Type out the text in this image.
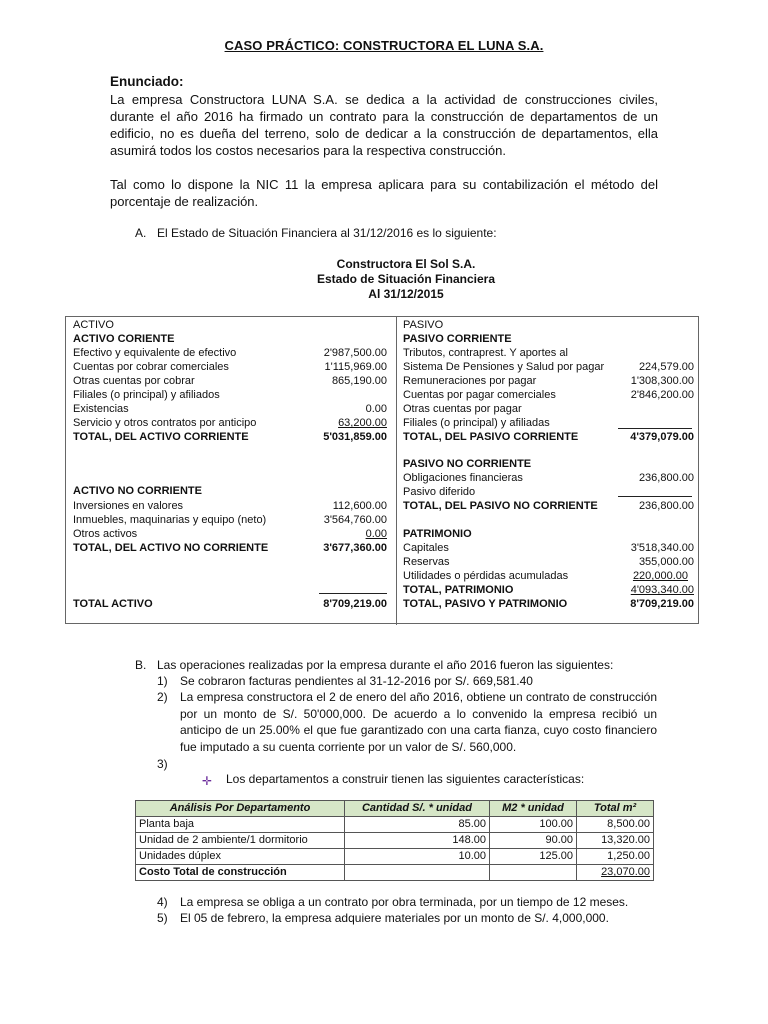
CASO PRÁCTICO: CONSTRUCTORA EL LUNA S.A.
Enunciado:
La empresa Constructora LUNA S.A. se dedica a la actividad de construcciones civiles, durante el año 2016 ha firmado un contrato para la construcción de departamentos de un edificio, no es dueña del terreno, solo de dedicar a la construcción de departamentos, ella asumirá todos los costos necesarios para la respectiva construcción.
Tal como lo dispone la NIC 11 la empresa aplicara para su contabilización el método del porcentaje de realización.
A. El Estado de Situación Financiera al 31/12/2016 es lo siguiente:
Constructora El Sol S.A.
Estado de Situación Financiera
Al 31/12/2015
ACTIVO
ACTIVO CORIENTE
Efectivo y equivalente de efectivo	2'987,500.00
Cuentas por cobrar comerciales	1'115,969.00
Otras cuentas por cobrar	865,190.00
Filiales (o principal) y afiliados
Existencias	0.00
Servicio y otros contratos por anticipo	63,200.00
TOTAL, DEL ACTIVO CORRIENTE	5'031,859.00
ACTIVO NO CORRIENTE
Inversiones en valores	112,600.00
Inmuebles, maquinarias y equipo (neto)	3'564,760.00
Otros activos	0.00
TOTAL, DEL ACTIVO NO CORRIENTE	3'677,360.00
TOTAL ACTIVO	8'709,219.00
PASIVO
PASIVO CORRIENTE
Tributos, contraprest. Y aportes al
Sistema De Pensiones y Salud por pagar	224,579.00
Remuneraciones por pagar	1'308,300.00
Cuentas por pagar comerciales	2'846,200.00
Otras cuentas por pagar
Filiales (o principal) y afiliadas
TOTAL, DEL PASIVO CORRIENTE	4'379,079.00
PASIVO NO CORRIENTE
Obligaciones financieras	236,800.00
Pasivo diferido
TOTAL, DEL PASIVO NO CORRIENTE	236,800.00
PATRIMONIO
Capitales	3'518,340.00
Reservas	355,000.00
Utilidades o pérdidas acumuladas	220,000.00
TOTAL, PATRIMONIO	4'093,340.00
TOTAL, PASIVO Y PATRIMONIO	8'709,219.00
B. Las operaciones realizadas por la empresa durante el año 2016 fueron las siguientes:
1) Se cobraron facturas pendientes al 31-12-2016 por S/. 669,581.40
2) La empresa constructora el 2 de enero del año 2016, obtiene un contrato de construcción por un monto de S/. 50'000,000. De acuerdo a lo convenido la empresa recibió un anticipo de un 25.00% el que fue garantizado con una carta fianza, cuyo costo financiero fue imputado a su cuenta corriente por un valor de S/. 560,000.
3)
✛ Los departamentos a construir tienen las siguientes características:
Análisis Por Departamento	Cantidad S/. * unidad	M2 * unidad	Total m²
Planta baja	85.00	100.00	8,500.00
Unidad de 2 ambiente/1 dormitorio	148.00	90.00	13,320.00
Unidades dúplex	10.00	125.00	1,250.00
Costo Total de construcción			23,070.00
4) La empresa se obliga a un contrato por obra terminada, por un tiempo de 12 meses.
5) El 05 de febrero, la empresa adquiere materiales por un monto de S/. 4,000,000.
